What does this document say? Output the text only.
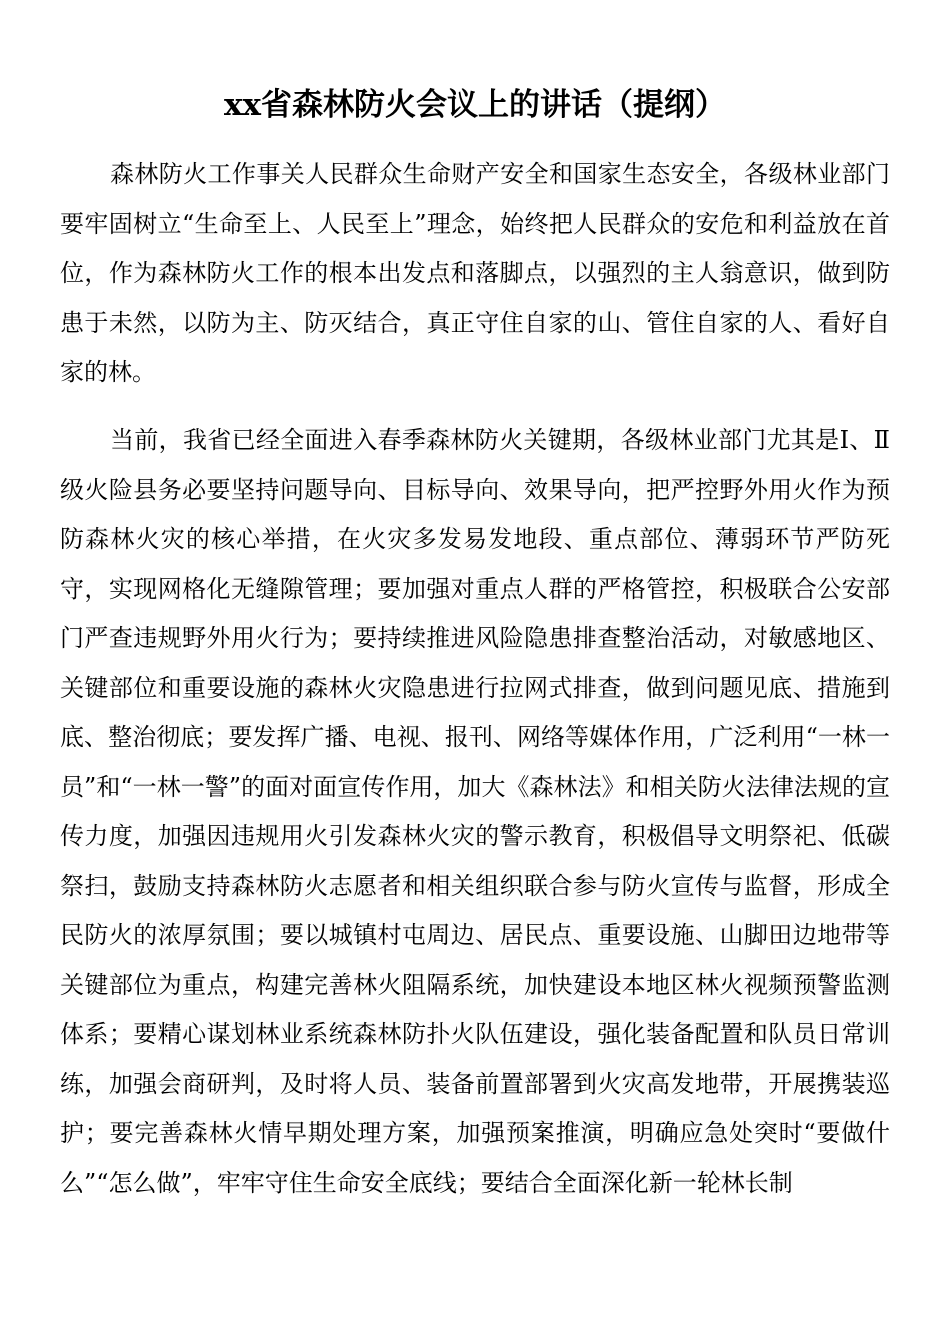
xx省森林防火会议上的讲话（提纲）

森林防火工作事关人民群众生命财产安全和国家生态安全，各级林业部门要牢固树立“生命至上、人民至上”理念，始终把人民群众的安危和利益放在首位，作为森林防火工作的根本出发点和落脚点，以强烈的主人翁意识，做到防患于未然，以防为主、防灭结合，真正守住自家的山、管住自家的人、看好自家的林。

当前，我省已经全面进入春季森林防火关键期，各级林业部门尤其是Ⅰ、Ⅱ级火险县务必要坚持问题导向、目标导向、效果导向，把严控野外用火作为预防森林火灾的核心举措，在火灾多发易发地段、重点部位、薄弱环节严防死守，实现网格化无缝隙管理；要加强对重点人群的严格管控，积极联合公安部门严查违规野外用火行为；要持续推进风险隐患排查整治活动，对敏感地区、关键部位和重要设施的森林火灾隐患进行拉网式排查，做到问题见底、措施到底、整治彻底；要发挥广播、电视、报刊、网络等媒体作用，广泛利用“一林一员”和“一林一警”的面对面宣传作用，加大《森林法》和相关防火法律法规的宣传力度，加强因违规用火引发森林火灾的警示教育，积极倡导文明祭祀、低碳祭扫，鼓励支持森林防火志愿者和相关组织联合参与防火宣传与监督，形成全民防火的浓厚氛围；要以城镇村屯周边、居民点、重要设施、山脚田边地带等关键部位为重点，构建完善林火阻隔系统，加快建设本地区林火视频预警监测体系；要精心谋划林业系统森林防扑火队伍建设，强化装备配置和队员日常训练，加强会商研判，及时将人员、装备前置部署到火灾高发地带，开展携装巡护；要完善森林火情早期处理方案，加强预案推演，明确应急处突时“要做什么”“怎么做”，牢牢守住生命安全底线；要结合全面深化新一轮林长制
